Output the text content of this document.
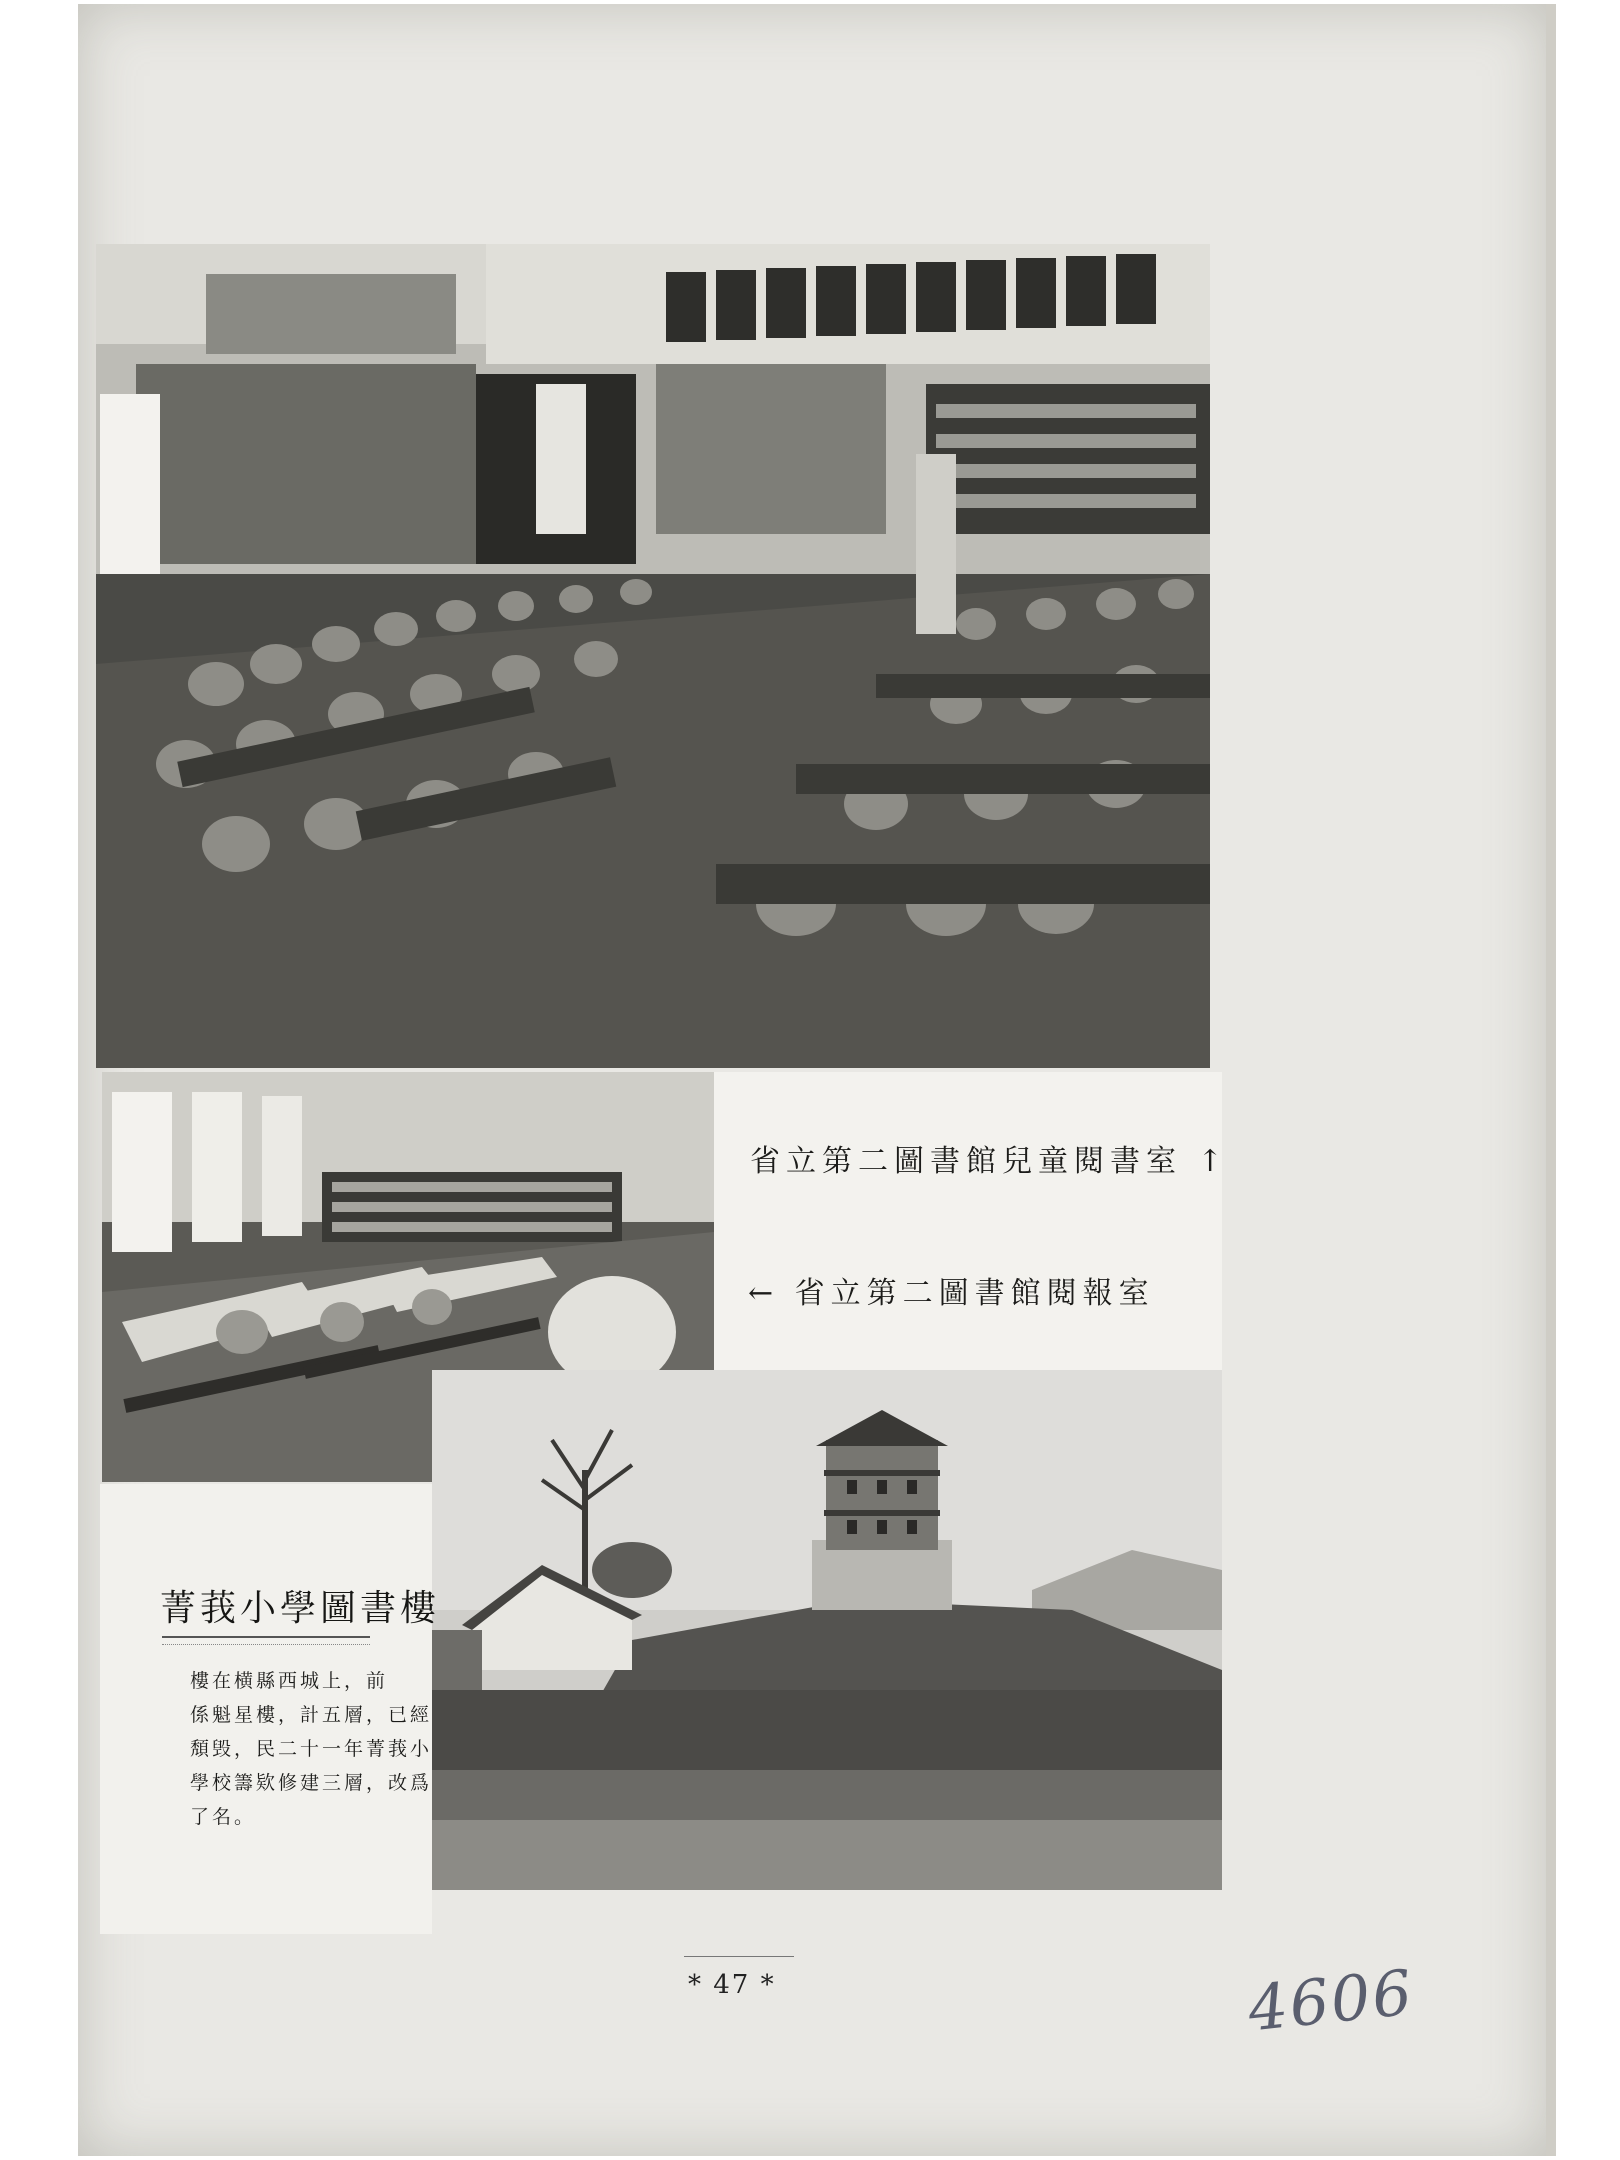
省立第二圖書館兒童閱書室 ↑
← 省立第二圖書館閱報室
菁莪小學圖書樓
樓在横縣西城上，前
係魁星樓，計五層，已經
頽毁，民二十一年菁莪小
學校籌欵修建三層，改爲
了名。
* 47 *	4606
